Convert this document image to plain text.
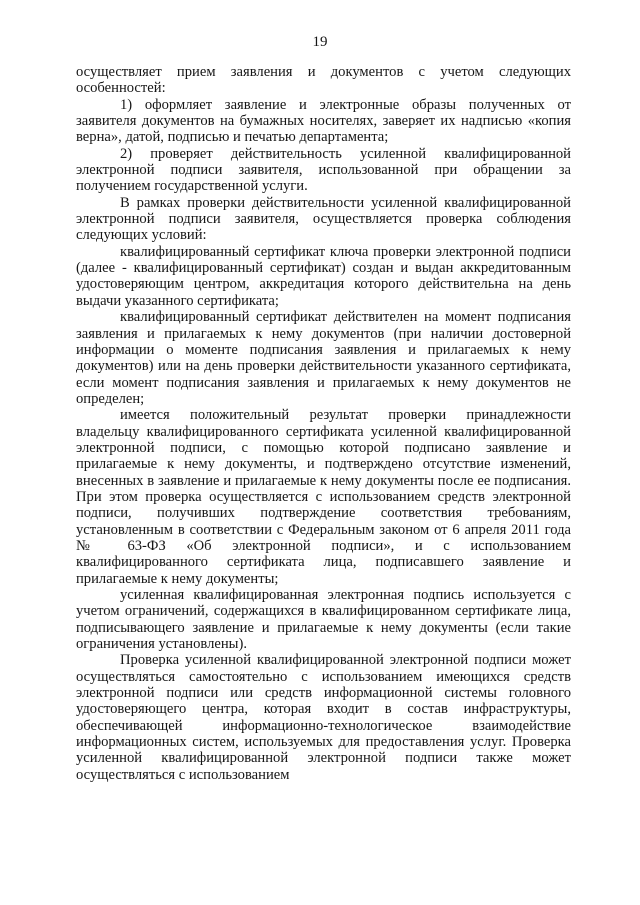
19

осуществляет прием заявления и документов с учетом следующих особенностей:

1) оформляет заявление и электронные образы полученных от заявителя документов на бумажных носителях, заверяет их надписью «копия верна», датой, подписью и печатью департамента;

2) проверяет действительность усиленной квалифицированной электронной подписи заявителя, использованной при обращении за получением государственной услуги.

В рамках проверки действительности усиленной квалифицированной электронной подписи заявителя, осуществляется проверка соблюдения следующих условий:

квалифицированный сертификат ключа проверки электронной подписи (далее - квалифицированный сертификат) создан и выдан аккредитованным удостоверяющим центром, аккредитация которого действительна на день выдачи указанного сертификата;

квалифицированный сертификат действителен на момент подписания заявления и прилагаемых к нему документов (при наличии достоверной информации о моменте подписания заявления и прилагаемых к нему документов) или на день проверки действительности указанного сертификата, если момент подписания заявления и прилагаемых к нему документов не определен;

имеется положительный результат проверки принадлежности владельцу квалифицированного сертификата усиленной квалифицированной электронной подписи, с помощью которой подписано заявление и прилагаемые к нему документы, и подтверждено отсутствие изменений, внесенных в заявление и прилагаемые к нему документы после ее подписания. При этом проверка осуществляется с использованием средств электронной подписи, получивших подтверждение соответствия требованиям, установленным в соответствии с Федеральным законом от 6 апреля 2011 года № 63-ФЗ «Об электронной подписи», и с использованием квалифицированного сертификата лица, подписавшего заявление и прилагаемые к нему документы;

усиленная квалифицированная электронная подпись используется с учетом ограничений, содержащихся в квалифицированном сертификате лица, подписывающего заявление и прилагаемые к нему документы (если такие ограничения установлены).

Проверка усиленной квалифицированной электронной подписи может осуществляться самостоятельно с использованием имеющихся средств электронной подписи или средств информационной системы головного удостоверяющего центра, которая входит в состав инфраструктуры, обеспечивающей информационно-технологическое взаимодействие информационных систем, используемых для предоставления услуг. Проверка усиленной квалифицированной электронной подписи также может осуществляться с использованием
